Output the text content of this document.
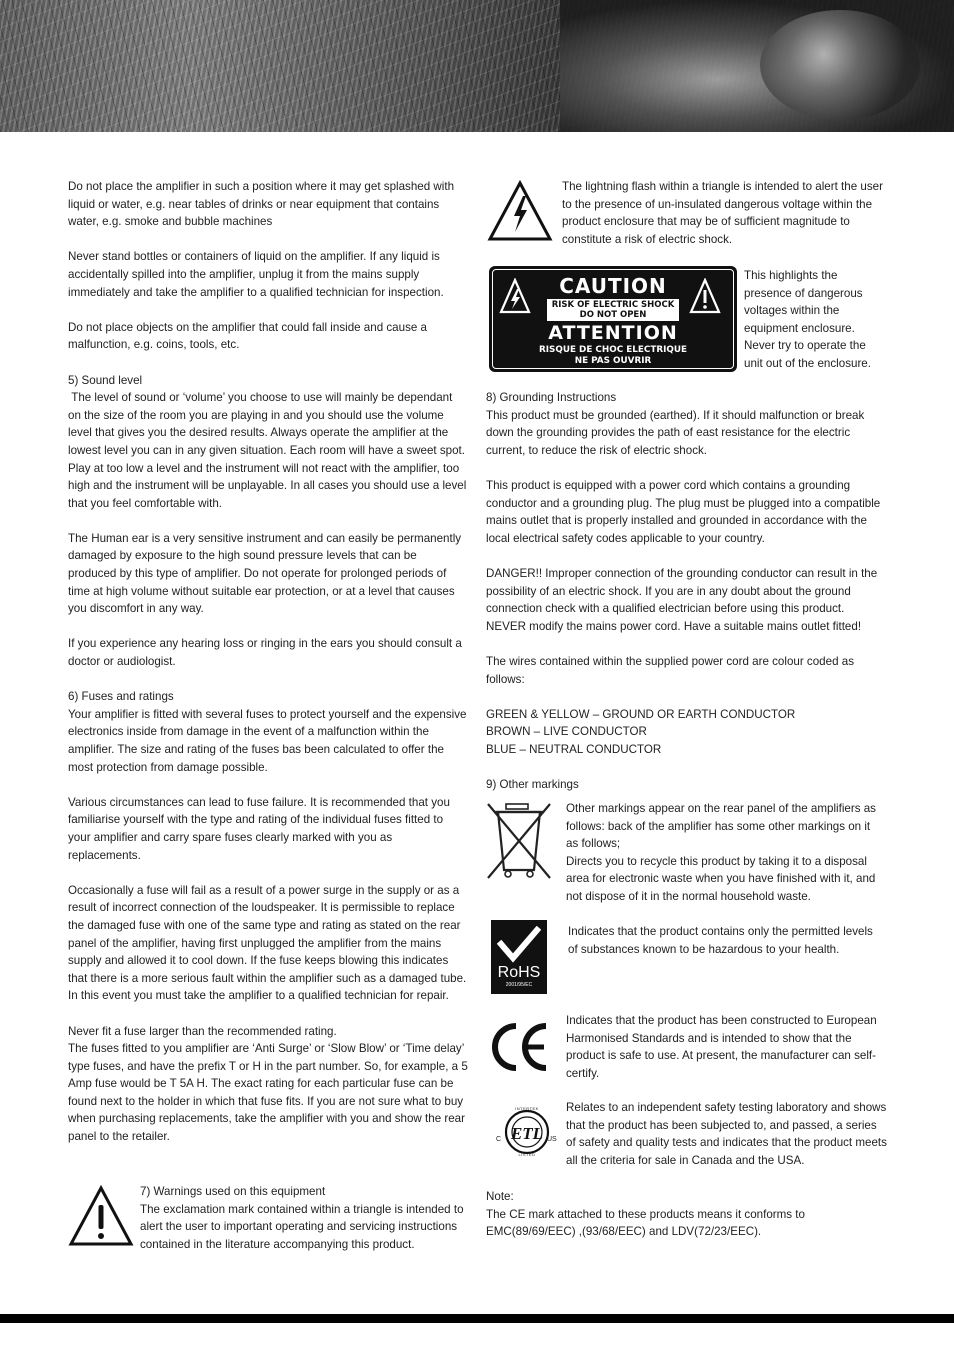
Do not place the amplifier in such a position where it may get splashed with liquid or water, e.g. near tables of drinks or near equipment that contains water, e.g. smoke and bubble machines

Never stand bottles or containers of liquid on the amplifier. If any liquid is accidentally spilled into the amplifier, unplug it from the mains supply immediately and take the amplifier to a qualified technician for inspection.

Do not place objects on the amplifier that could fall inside and cause a malfunction, e.g. coins, tools, etc.

5) Sound level

The level of sound or ‘volume’ you choose to use will mainly be dependant on the size of the room you are playing in and you should use the volume level that gives you the desired results. Always operate the amplifier at the lowest level you can in any given situation. Each room will have a sweet spot. Play at too low a level and the instrument will not react with the amplifier, too high and the instrument will be unplayable. In all cases you should use a level that you feel comfortable with.

The Human ear is a very sensitive instrument and can easily be permanently damaged by exposure to the high sound pressure levels that can be produced by this type of amplifier. Do not operate for prolonged periods of time at high volume without suitable ear protection, or at a level that causes you discomfort in any way.

If you experience any hearing loss or ringing in the ears you should consult a doctor or audiologist.

6) Fuses and ratings

Your amplifier is fitted with several fuses to protect yourself and the expensive electronics inside from damage in the event of a malfunction within the amplifier. The size and rating of the fuses bas been calculated to offer the most protection from damage possible.

Various circumstances can lead to fuse failure. It is recommended that you familiarise yourself with the type and rating of the individual fuses fitted to your amplifier and carry spare fuses clearly marked with you as replacements.

Occasionally a fuse will fail as a result of a power surge in the supply or as a result of incorrect connection of the loudspeaker. It is permissible to replace the damaged fuse with one of the same type and rating as stated on the rear panel of the amplifier, having first unplugged the amplifier from the mains supply and allowed it to cool down. If the fuse keeps blowing this indicates that there is a more serious fault within the amplifier such as a damaged tube. In this event you must take the amplifier to a qualified technician for repair.

Never fit a fuse larger than the recommended rating.

The fuses fitted to you amplifier are ‘Anti Surge’ or ‘Slow Blow’ or ‘Time delay’ type fuses, and have the prefix T or H in the part number. So, for example, a 5 Amp fuse would be T 5A H. The exact rating for each particular fuse can be found next to the holder in which that fuse fits. If you are not sure what to buy when purchasing replacements, take the amplifier with you and show the rear panel to the retailer.

7) Warnings used on this equipment

The exclamation mark contained within a triangle is intended to alert the user to important operating and servicing instructions contained in the literature accompanying this product.

The lightning flash within a triangle is intended to alert the user to the presence of un-insulated dangerous voltage within the product enclosure that may be of sufficient magnitude to constitute a risk of electric shock.

CAUTION
RISK OF ELECTRIC SHOCK
DO NOT OPEN
ATTENTION
RISQUE DE CHOC ELECTRIQUE
NE PAS OUVRIR

This highlights the presence of dangerous voltages within the equipment enclosure. Never try to operate the unit out of the enclosure.

8) Grounding Instructions

This product must be grounded (earthed). If it should malfunction or break down the grounding provides the path of east resistance for the electric current, to reduce the risk of electric shock.

This product is equipped with a power cord which contains a grounding conductor and a grounding plug. The plug must be plugged into a compatible mains outlet that is properly installed and grounded in accordance with the local electrical safety codes applicable to your country.

DANGER!! Improper connection of the grounding conductor can result in the possibility of an electric shock. If you are in any doubt about the ground connection check with a qualified electrician before using this product. NEVER modify the mains power cord. Have a suitable mains outlet fitted!

The wires contained within the supplied power cord are colour coded as follows:

GREEN & YELLOW – GROUND OR EARTH CONDUCTOR

BROWN – LIVE CONDUCTOR

BLUE – NEUTRAL CONDUCTOR

9) Other markings

Other markings appear on the rear panel of the amplifiers as follows: back of the amplifier has some other markings on it as follows;

Directs you to recycle this product by taking it to a disposal area for electronic waste when you have finished with it, and not dispose of it in the normal household waste.

RoHS
2001/95/EC

Indicates that the product contains only the permitted levels of substances known to be hazardous to your health.

Indicates that the product has been constructed to European Harmonised Standards and is intended to show that the product is safe to use. At present, the manufacturer can self-certify.

ETL
INTERTEK
LISTED
C	US

Relates to an independent safety testing laboratory and shows that the product has been subjected to, and passed, a series of safety and quality tests and indicates that the product meets all the criteria for sale in Canada and the USA.

Note:

The CE mark attached to these products means it conforms to EMC(89/69/EEC) ,(93/68/EEC) and LDV(72/23/EEC).
